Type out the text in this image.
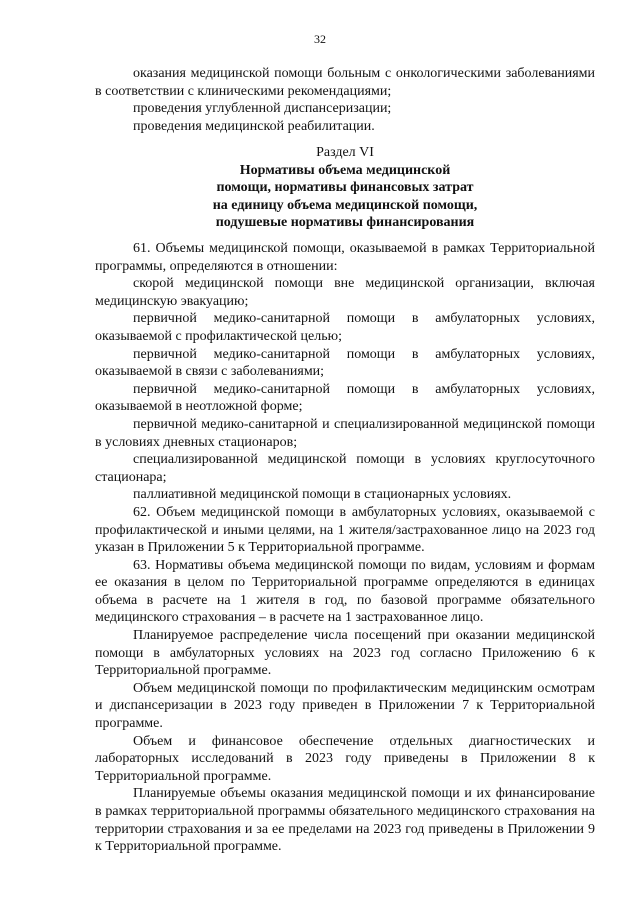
32

оказания медицинской помощи больным с онкологическими заболеваниями в соответствии с клиническими рекомендациями;

проведения углубленной диспансеризации;

проведения медицинской реабилитации.

Раздел VI

Нормативы объема медицинской

помощи, нормативы финансовых затрат

на единицу объема медицинской помощи,

подушевые нормативы финансирования

61. Объемы медицинской помощи, оказываемой в рамках Территориальной программы, определяются в отношении:

скорой медицинской помощи вне медицинской организации, включая медицинскую эвакуацию;

первичной медико-санитарной помощи в амбулаторных условиях, оказываемой с профилактической целью;

первичной медико-санитарной помощи в амбулаторных условиях, оказываемой в связи с заболеваниями;

первичной медико-санитарной помощи в амбулаторных условиях, оказываемой в неотложной форме;

первичной медико-санитарной и специализированной медицинской помощи в условиях дневных стационаров;

специализированной медицинской помощи в условиях круглосуточного стационара;

паллиативной медицинской помощи в стационарных условиях.

62. Объем медицинской помощи в амбулаторных условиях, оказываемой с профилактической и иными целями, на 1 жителя/застрахованное лицо на 2023 год указан в Приложении 5 к Территориальной программе.

63. Нормативы объема медицинской помощи по видам, условиям и формам ее оказания в целом по Территориальной программе определяются в единицах объема в расчете на 1 жителя в год, по базовой программе обязательного медицинского страхования – в расчете на 1 застрахованное лицо.

Планируемое распределение числа посещений при оказании медицинской помощи в амбулаторных условиях на 2023 год согласно Приложению 6 к Территориальной программе.

Объем медицинской помощи по профилактическим медицинским осмотрам и диспансеризации в 2023 году приведен в Приложении 7 к Территориальной программе.

Объем и финансовое обеспечение отдельных диагностических и лабораторных исследований в 2023 году приведены в Приложении 8 к Территориальной программе.

Планируемые объемы оказания медицинской помощи и их финансирование в рамках территориальной программы обязательного медицинского страхования на территории страхования и за ее пределами на 2023 год приведены в Приложении 9 к Территориальной программе.
